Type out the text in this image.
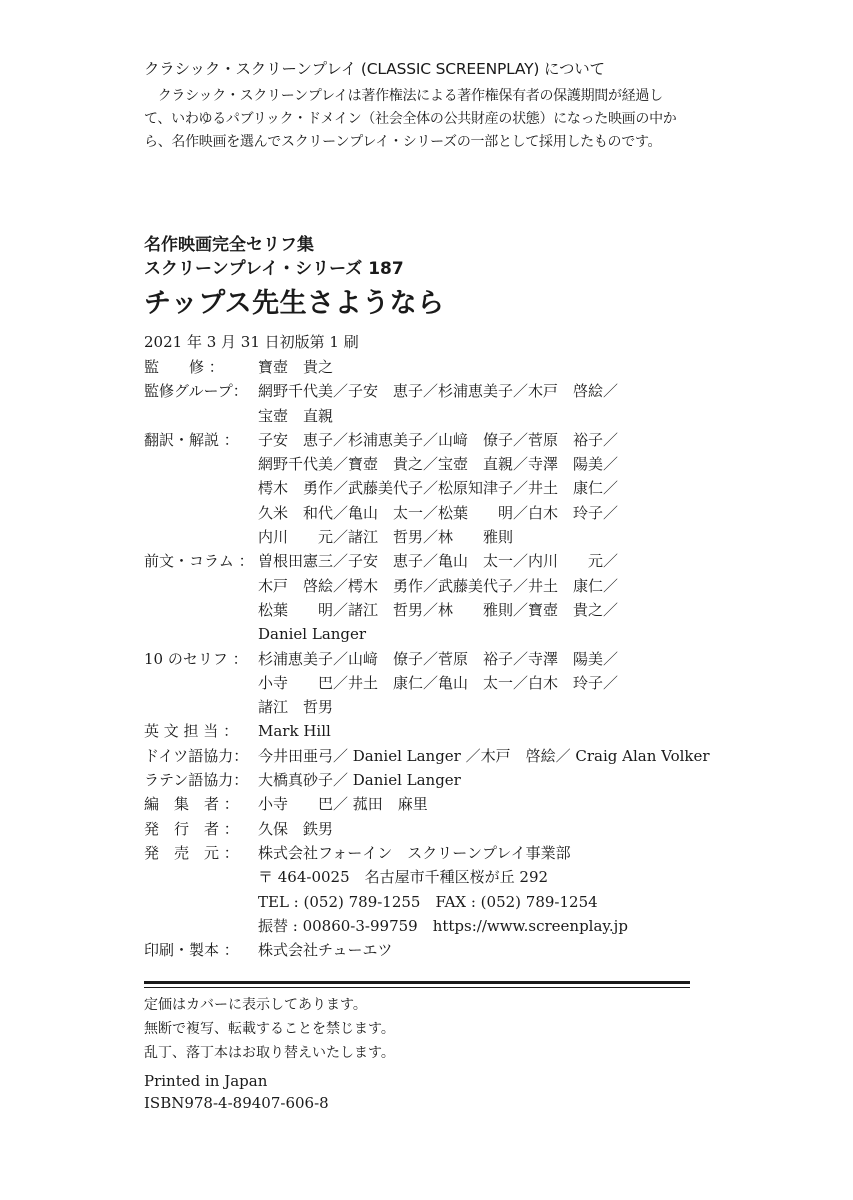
クラシック・スクリーンプレイ (CLASSIC SCREENPLAY) について
　クラシック・スクリーンプレイは著作権法による著作権保有者の保護期間が経過し
て、いわゆるパブリック・ドメイン（社会全体の公共財産の状態）になった映画の中か
ら、名作映画を選んでスクリーンプレイ・シリーズの一部として採用したものです。
名作映画完全セリフ集
スクリーンプレイ・シリーズ 187
チップス先生さようなら
2021 年 3 月 31 日初版第 1 刷
監　　修 ：	寶壺　貴之
監修グループ： 網野千代美／子安　恵子／杉浦恵美子／木戸　啓絵／
宝壺　直親
翻訳・解説 ：	子安　恵子／杉浦恵美子／山﨑　僚子／菅原　裕子／
網野千代美／寶壺　貴之／宝壺　直親／寺澤　陽美／
樗木　勇作／武藤美代子／松原知津子／井土　康仁／
久米　和代／亀山　太一／松葉　　明／白木　玲子／
内川　　元／諸江　哲男／林　　雅則
前文・コラム ： 曽根田憲三／子安　恵子／亀山　太一／内川　　元／
木戸　啓絵／樗木　勇作／武藤美代子／井土　康仁／
松葉　　明／諸江　哲男／林　　雅則／寶壺　貴之／
Daniel Langer
10 のセリフ ： 杉浦恵美子／山﨑　僚子／菅原　裕子／寺澤　陽美／
小寺　　巴／井土　康仁／亀山　太一／白木　玲子／
諸江　哲男
英 文 担 当 ：	Mark Hill
ドイツ語協力： 今井田亜弓／ Daniel Langer ／木戸　啓絵／ Craig Alan Volker
ラテン語協力： 大橋真砂子／ Daniel Langer
編　集　者 ：	小寺　　巴／ 菰田　麻里
発　行　者 ：	久保　鉄男
発　売　元 ：	株式会社フォーイン　スクリーンプレイ事業部
〒 464-0025　名古屋市千種区桜が丘 292
TEL : (052) 789-1255　FAX : (052) 789-1254
振替 : 00860-3-99759　https://www.screenplay.jp
印刷・製本 ：	株式会社チューエツ
定価はカバーに表示してあります。
無断で複写、転載することを禁じます。
乱丁、落丁本はお取り替えいたします。
Printed in Japan
ISBN978-4-89407-606-8
